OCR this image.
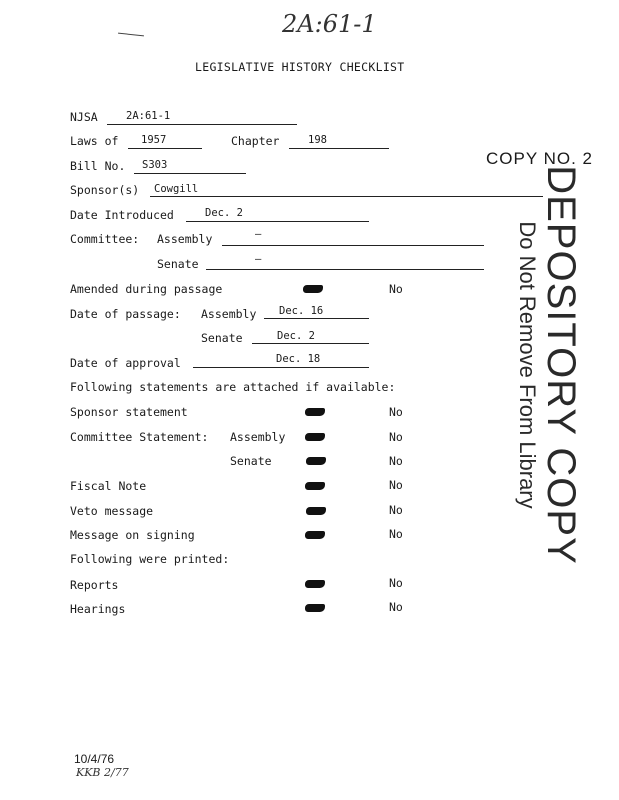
2A:61-1
LEGISLATIVE HISTORY CHECKLIST
COPY NO. 2
NJSA	2A:61-1
Laws of 1957	Chapter	198
Bill No. S303
Sponsor(s) Cowgill
Date Introduced	Dec. 2
Committee: Assembly	—
Senate	—
Amended during passage	No
Date of passage: Assembly Dec. 16
Senate	Dec. 2
Date of approval	Dec. 18
Following statements are attached if available:
Sponsor statement	No
Committee Statement: Assembly	No
Senate	No
Fiscal Note	No
Veto message	No
Message on signing	No
Following were printed:
Reports	No
Hearings	No
DEPOSITORY COPY
Do Not Remove From Library
10/4/76
KKB 2/77
